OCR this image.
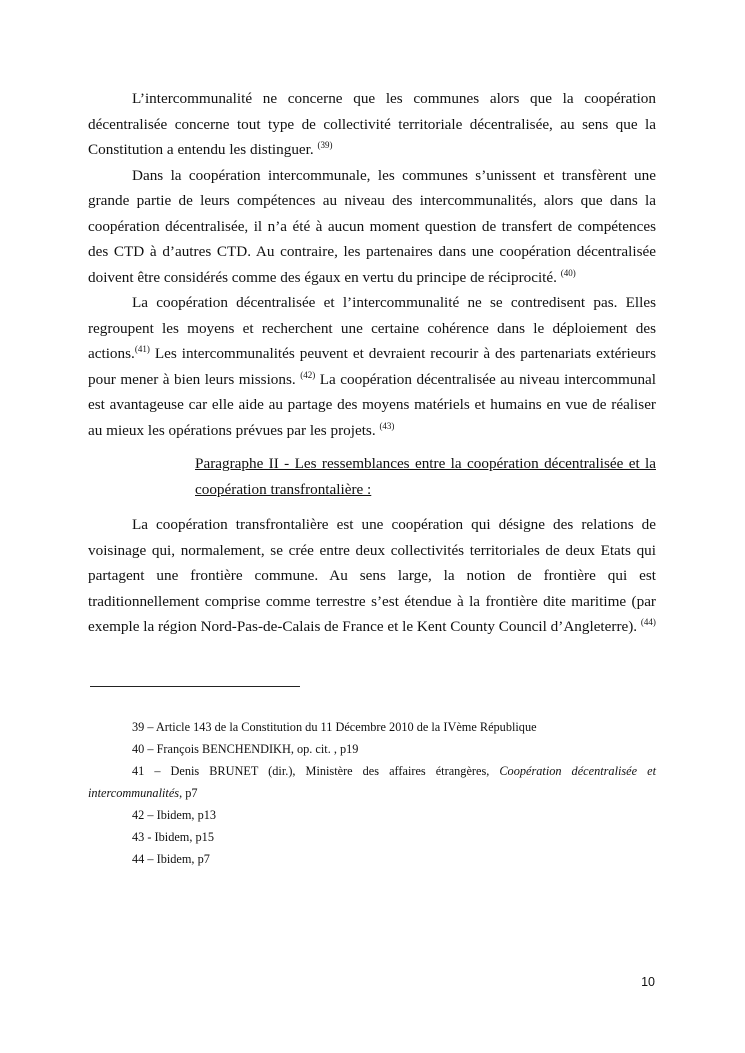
L’intercommunalité ne concerne que les communes alors que la coopération décentralisée concerne tout type de collectivité territoriale décentralisée, au sens que la Constitution a entendu les distinguer. $^{(39)}$

Dans la coopération intercommunale, les communes s’unissent et transfèrent une grande partie de leurs compétences au niveau des intercommunalités, alors que dans la coopération décentralisée, il n’a été à aucun moment question de transfert de compétences des CTD à d’autres CTD. Au contraire, les partenaires dans une coopération décentralisée doivent être considérés comme des égaux en vertu du principe de réciprocité. $^{(40)}$

La coopération décentralisée et l’intercommunalité ne se contredisent pas. Elles regroupent les moyens et recherchent une certaine cohérence dans le déploiement des actions.$^{(41)}$ Les intercommunalités peuvent et devraient recourir à des partenariats extérieurs pour mener à bien leurs missions. $^{(42)}$ La coopération décentralisée au niveau intercommunal est avantageuse car elle aide au partage des moyens matériels et humains en vue de réaliser au mieux les opérations prévues par les projets. $^{(43)}$

Paragraphe II - Les ressemblances entre la coopération décentralisée et la coopération transfrontalière :

La coopération transfrontalière est une coopération qui désigne des relations de voisinage qui, normalement, se crée entre deux collectivités territoriales de deux Etats qui partagent une frontière commune. Au sens large, la notion de frontière qui est traditionnellement comprise comme terrestre s’est étendue à la frontière dite maritime (par exemple la région Nord-Pas-de-Calais de France et le Kent County Council d’Angleterre). $^{(44)}$

39 – Article 143 de la Constitution du 11 Décembre 2010 de la IVème République

40 – François BENCHENDIKH, op. cit. , p19

41 – Denis BRUNET (dir.), Ministère des affaires étrangères, Coopération décentralisée et intercommunalités, p7

42 – Ibidem, p13

43 - Ibidem, p15

44 – Ibidem, p7

10
